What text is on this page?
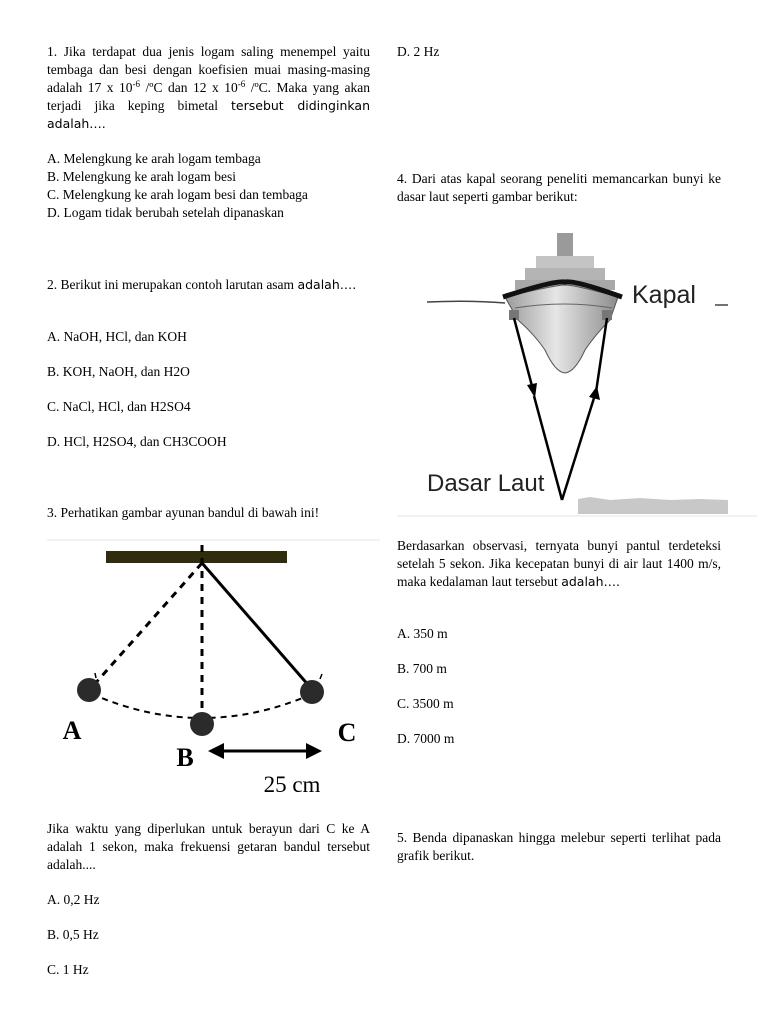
1. Jika terdapat dua jenis logam saling menempel yaitu tembaga dan besi dengan koefisien muai masing-masing adalah 17 x $10^{-6}$ /ºC dan 12 x $10^{-6}$ /ºC. Maka yang akan terjadi jika keping bimetal tersebut didinginkan adalah….
A. Melengkung ke arah logam tembaga
B. Melengkung ke arah logam besi
C. Melengkung ke arah logam besi dan tembaga
D. Logam tidak berubah setelah dipanaskan
2. Berikut ini merupakan contoh larutan asam adalah….
A. NaOH, HCl, dan KOH
B. KOH, NaOH, dan H2O
C. NaCl, HCl, dan H2SO4
D. HCl, H2SO4, dan CH3COOH
3. Perhatikan gambar ayunan bandul di bawah ini!
Jika waktu yang diperlukan untuk berayun dari C ke A adalah 1 sekon, maka frekuensi getaran bandul tersebut adalah....
A. 0,2 Hz
B. 0,5 Hz
C. 1 Hz
A
B
C
25 cm
D. 2 Hz
4. Dari atas kapal seorang peneliti memancarkan bunyi ke dasar laut seperti gambar berikut:
Berdasarkan observasi, ternyata bunyi pantul terdeteksi setelah 5 sekon. Jika kecepatan bunyi di air laut 1400 m/s, maka kedalaman laut tersebut adalah….
A. 350 m
B. 700 m
C. 3500 m
D. 7000 m
5. Benda dipanaskan hingga melebur seperti terlihat pada grafik berikut.
Kapal
Dasar Laut
